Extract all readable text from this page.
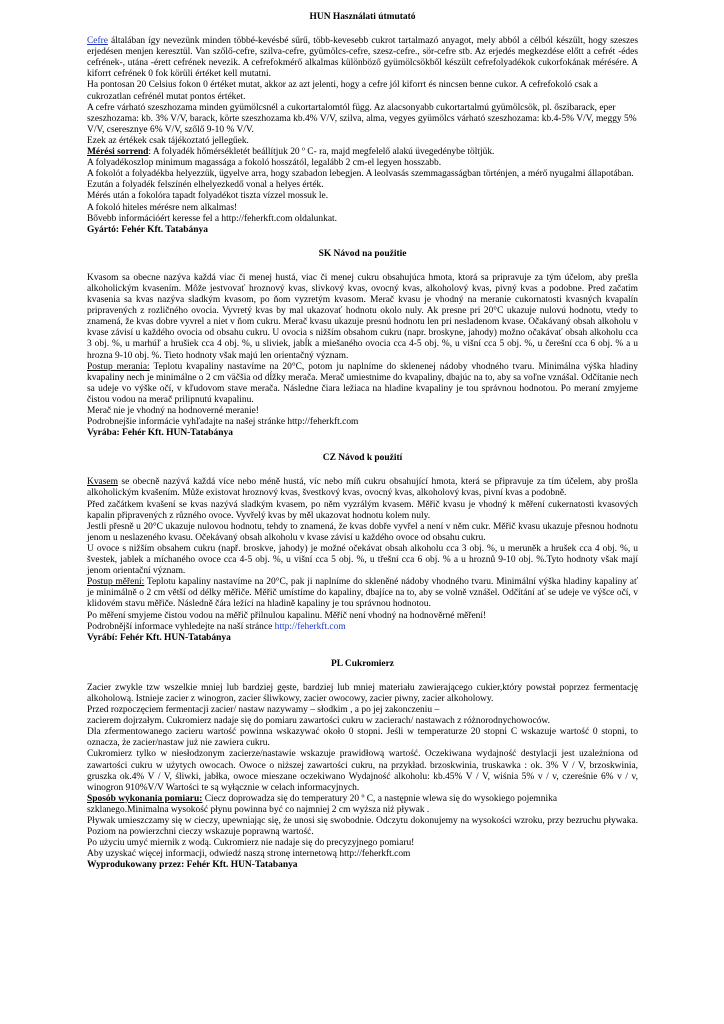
HUN Használati útmutató

Cefre általában így nevezünk minden többé-kevésbé sűrű, több-kevesebb cukrot tartalmazó anyagot, mely abból a célból készült, hogy szeszes erjedésen menjen keresztül. Van szőlő-cefre, szilva-cefre, gyümölcs-cefre, szesz-cefre., sör-cefre stb. Az erjedés megkezdése előtt a cefrét -édes cefrének-, utána -érett cefrének nevezik. A cefrefokmérő alkalmas különböző gyümölcsökből készült cefrefolyadékok cukorfokának mérésére. A kiforrt cefrének 0 fok körüli értéket kell mutatni.

Ha pontosan 20 Celsius fokon 0 értéket mutat, akkor az azt jelenti, hogy a cefre jól kiforrt és nincsen benne cukor. A cefrefokoló csak a cukrozatlan cefrénél mutat pontos értéket.

A cefre várható szeszhozama minden gyümölcsnél a cukortartalomtól függ. Az alacsonyabb cukortartalmú gyümölcsök, pl. őszibarack, eper szeszhozama: kb. 3% V/V, barack, körte szeszhozama kb.4% V/V, szilva, alma, vegyes gyümölcs várható szeszhozama: kb.4-5% V/V, meggy 5% V/V, cseresznye 6% V/V, szőlő 9-10 % V/V.

Ezek az értékek csak tájékoztató jellegűek.

Mérési sorrend: A folyadék hőmérsékletét beállítjuk 20 º C- ra, majd megfelelő alakú üvegedénybe töltjük.

A folyadékoszlop minimum magassága a fokoló hosszától, legalább 2 cm-el legyen hosszabb.

A fokolót a folyadékba helyezzük, ügyelve arra, hogy szabadon lebegjen. A leolvasás szemmagasságban történjen, a mérő nyugalmi állapotában. Ezután a folyadék felszínén elhelyezkedő vonal a helyes érték.

Mérés után a fokolóra tapadt folyadékot tiszta vízzel mossuk le.

A fokoló hiteles mérésre nem alkalmas!

Bővebb információért keresse fel a http://feherkft.com oldalunkat.

Gyártó: Fehér Kft. Tatabánya

SK Návod na použitie

Kvasom sa obecne nazýva každá viac či menej hustá, viac či menej cukru obsahujúca hmota, ktorá sa pripravuje za tým účelom, aby prešla alkoholickým kvasením. Môže jestvovať hroznový kvas, slivkový kvas, ovocný kvas, alkoholový kvas, pivný kvas a podobne. Pred začatím kvasenia sa kvas nazýva sladkým kvasom, po ňom vyzretým kvasom. Merač kvasu je vhodný na meranie cukornatosti kvasných kvapalín pripravených z rozličného ovocia. Vyvretý kvas by mal ukazovať hodnotu okolo nuly. Ak presne pri 20°C ukazuje nulovú hodnotu, vtedy to znamená, že kvas dobre vyvrel a niet v ňom cukru. Merač kvasu ukazuje presnú hodnotu len pri nesladenom kvase. Očakávaný obsah alkoholu v kvase závisí u každého ovocia od obsahu cukru. U ovocia s nižším obsahom cukru (napr. broskyne, jahody) možno očakávať obsah alkoholu cca 3 obj. %, u marhúľ a hrušiek cca 4 obj. %, u sliviek, jabĺk a miešaného ovocia cca 4-5 obj. %, u višní cca 5 obj. %, u čerešní cca 6 obj. % a u hrozna 9-10 obj. %. Tieto hodnoty však majú len orientačný význam.

Postup merania: Teplotu kvapaliny nastavíme na 20°C, potom ju naplníme do sklenenej nádoby vhodného tvaru. Minimálna výška hladiny kvapaliny nech je minimálne o 2 cm väčšia od dĺžky merača. Merač umiestnime do kvapaliny, dbajúc na to, aby sa voľne vznášal. Odčítanie nech sa udeje vo výške očí, v kľudovom stave merača. Následne čiara ležiaca na hladine kvapaliny je tou správnou hodnotou. Po meraní zmyjeme čistou vodou na merač prilipnutú kvapalinu.

Merač nie je vhodný na hodnoverné meranie!

Podrobnejšie informácie vyhľadajte na našej stránke http://feherkft.com

Vyrába: Fehér Kft. HUN-Tatabánya

CZ Návod k použití

Kvasem se obecně nazývá každá více nebo méně hustá, víc nebo míň cukru obsahující hmota, která se připravuje za tím účelem, aby prošla alkoholickým kvašením. Může existovat hroznový kvas, švestkový kvas, ovocný kvas, alkoholový kvas, pivní kvas a podobně.

Před začátkem kvašení se kvas nazývá sladkým kvasem, po něm vyzrálým kvasem. Měřič kvasu je vhodný k měření cukernatosti kvasových kapalin připravených z různého ovoce. Vyvřelý kvas by měl ukazovat hodnotu kolem nuly.

Jestli přesně u 20°C ukazuje nulovou hodnotu, tehdy to znamená, že kvas dobře vyvřel a není v něm cukr. Měřič kvasu ukazuje přesnou hodnotu jenom u neslazeného kvasu. Očekávaný obsah alkoholu v kvase závisí u každého ovoce od obsahu cukru.

U ovoce s nižším obsahem cukru (např. broskve, jahody) je možné očekávat obsah alkoholu cca 3 obj. %, u meruněk a hrušek cca 4 obj. %, u švestek, jablek a míchaného ovoce cca 4-5 obj. %, u višní cca 5 obj. %, u třešní cca 6 obj. % a u hroznů 9-10 obj. %.Tyto hodnoty však mají jenom orientační význam.

Postup měření: Teplotu kapaliny nastavíme na 20°C, pak ji naplníme do skleněné nádoby vhodného tvaru. Minimální výška hladiny kapaliny ať je minimálně o 2 cm větší od délky měřiče. Měřič umístíme do kapaliny, dbajíce na to, aby se volně vznášel. Odčítání ať se udeje ve výšce očí, v klidovém stavu měřiče. Následně čára ležící na hladině kapaliny je tou správnou hodnotou.

Po měření smyjeme čistou vodou na měřič přilnulou kapalinu. Měřič není vhodný na hodnověrné měření!

Podrobnější informace vyhledejte na naší stránce http://feherkft.com

Vyrábí: Fehér Kft. HUN-Tatabánya

PL Cukromierz

Zacier zwykle tzw wszelkie mniej lub bardziej gęste, bardziej lub mniej materiału zawierającego cukier,który powstał poprzez fermentację alkoholową. Istnieje zacier z winogron, zacier śliwkowy, zacier owocowy, zacier piwny, zacier alkoholowy.

Przed rozpoczęciem fermentacji zacier/ nastaw nazywamy – słodkim , a po jej zakonczeniu –

zacierem dojrzałym. Cukromierz nadaje się do pomiaru zawartości cukru w zacierach/ nastawach z różnorodnychowoców.

Dla zfermentowanego zacieru wartość powinna wskazywać około 0 stopni. Jeśli w temperaturze 20 stopni C wskazuje wartość 0 stopni, to oznacza, że zacier/nastaw już nie zawiera cukru.

Cukromierz tylko w niesłodzonym zacierze/nastawie wskazuje prawidłową wartość. Oczekiwana wydajność destylacji jest uzależniona od zawartości cukru w użytych owocach. Owoce o niższej zawartości cukru, na przykład. brzoskwinia, truskawka : ok. 3% V / V, brzoskwinia, gruszka ok.4% V / V, śliwki, jabłka, owoce mieszane oczekiwano Wydajność alkoholu: kb.45% V / V, wiśnia 5% v / v, czereśnie 6% v / v, winogron 910%V/V Wartości te są wyłącznie w celach informacyjnych.

Sposób wykonania pomiaru: Ciecz doprowadza się do temperatury 20 º C, a następnie wlewa się do wysokiego pojemnika szklanego.Minimalna wysokość płynu powinna być co najmniej 2 cm wyższa niż pływak .

Pływak umieszczamy się w cieczy, upewniając się, że unosi się swobodnie. Odczytu dokonujemy na wysokości wzroku, przy bezruchu pływaka. Poziom na powierzchni cieczy wskazuje poprawną wartość.

Po użyciu umyć miernik z wodą. Cukromierz nie nadaje się do precyzyjnego pomiaru!

Aby uzyskać więcej informacji, odwiedź naszą stronę internetową http://feherkft.com

Wyprodukowany przez: Fehér Kft. HUN-Tatabanya
